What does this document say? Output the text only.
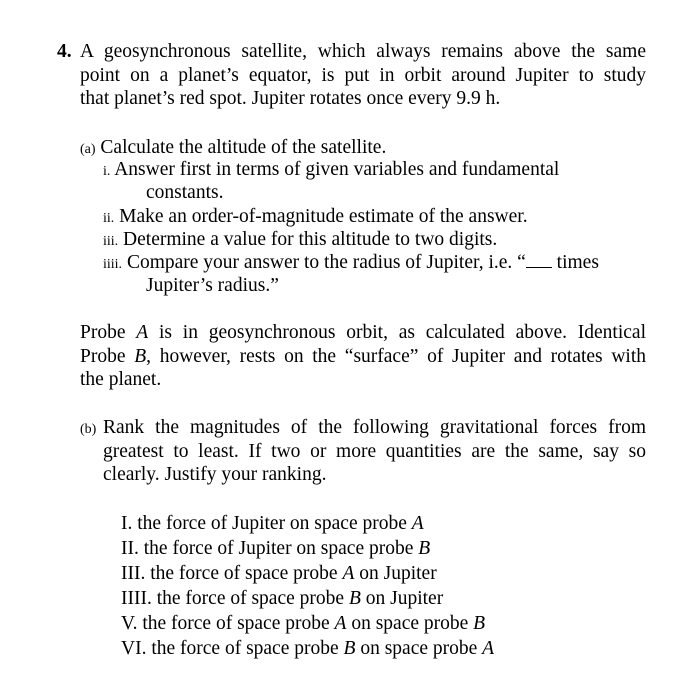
4. A geosynchronous satellite, which always remains above the same
point on a planet’s equator, is put in orbit around Jupiter to study
that planet’s red spot. Jupiter rotates once every 9.9 h.
(a) Calculate the altitude of the satellite.
i. Answer first in terms of given variables and fundamental
constants.
ii. Make an order-of-magnitude estimate of the answer.
iii. Determine a value for this altitude to two digits.
iiii. Compare your answer to the radius of Jupiter, i.e. “ times
Jupiter’s radius.”
Probe A is in geosynchronous orbit, as calculated above. Identical
Probe B, however, rests on the “surface” of Jupiter and rotates with
the planet.
(b) Rank the magnitudes of the following gravitational forces from
greatest to least. If two or more quantities are the same, say so
clearly. Justify your ranking.
I. the force of Jupiter on space probe A
II. the force of Jupiter on space probe B
III. the force of space probe A on Jupiter
IIII. the force of space probe B on Jupiter
V. the force of space probe A on space probe B
VI. the force of space probe B on space probe A
